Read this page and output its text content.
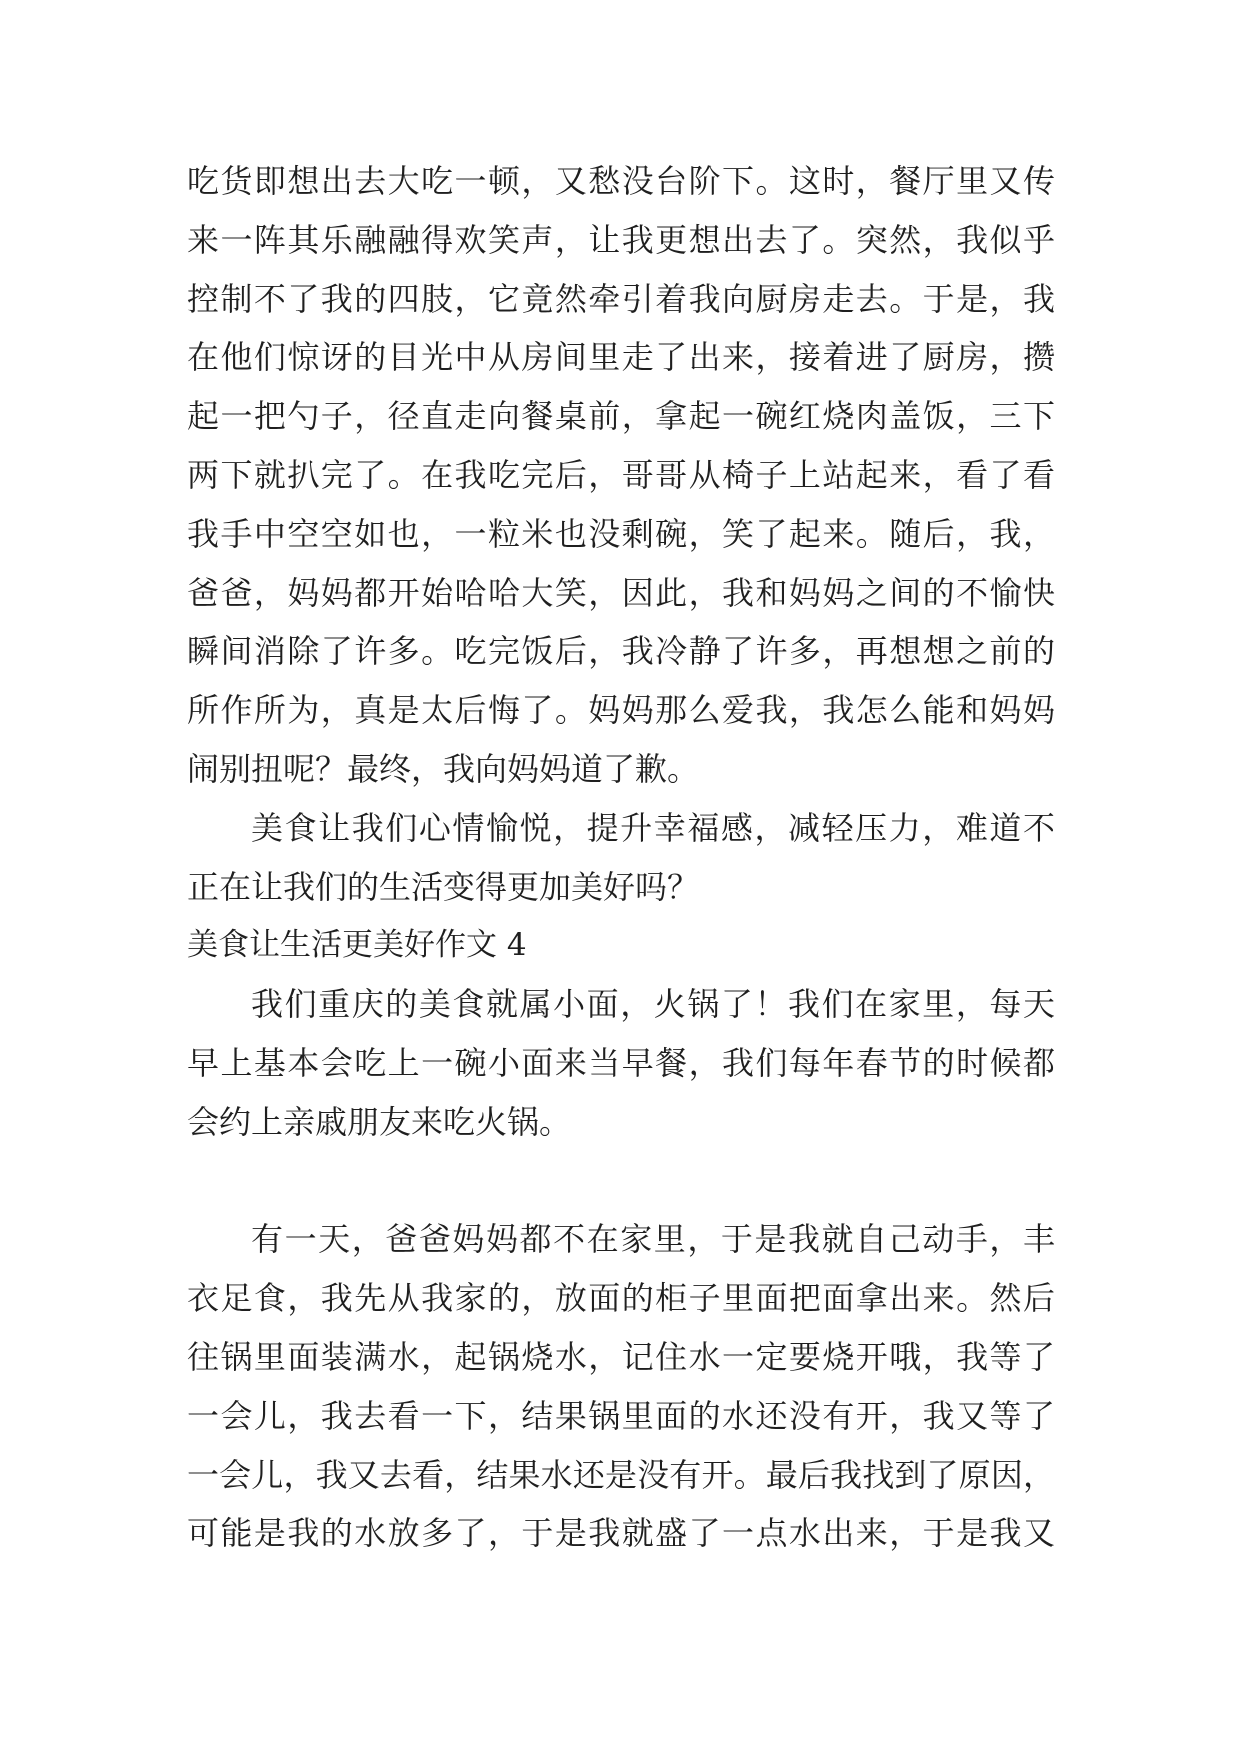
吃货即想出去大吃一顿，又愁没台阶下。这时，餐厅里又传
来一阵其乐融融得欢笑声，让我更想出去了。突然，我似乎
控制不了我的四肢，它竟然牵引着我向厨房走去。于是，我
在他们惊讶的目光中从房间里走了出来，接着进了厨房，攒
起一把勺子，径直走向餐桌前，拿起一碗红烧肉盖饭，三下
两下就扒完了。在我吃完后，哥哥从椅子上站起来，看了看
我手中空空如也，一粒米也没剩碗，笑了起来。随后，我，
爸爸，妈妈都开始哈哈大笑，因此，我和妈妈之间的不愉快
瞬间消除了许多。吃完饭后，我冷静了许多，再想想之前的
所作所为，真是太后悔了。妈妈那么爱我，我怎么能和妈妈
闹别扭呢？最终，我向妈妈道了歉。
美食让我们心情愉悦，提升幸福感，减轻压力，难道不
正在让我们的生活变得更加美好吗？
美食让生活更美好作文 4
我们重庆的美食就属小面，火锅了！我们在家里，每天
早上基本会吃上一碗小面来当早餐，我们每年春节的时候都
会约上亲戚朋友来吃火锅。
有一天，爸爸妈妈都不在家里，于是我就自己动手，丰
衣足食，我先从我家的，放面的柜子里面把面拿出来。然后
往锅里面装满水，起锅烧水，记住水一定要烧开哦，我等了
一会儿，我去看一下，结果锅里面的水还没有开，我又等了
一会儿，我又去看，结果水还是没有开。最后我找到了原因，
可能是我的水放多了，于是我就盛了一点水出来，于是我又
